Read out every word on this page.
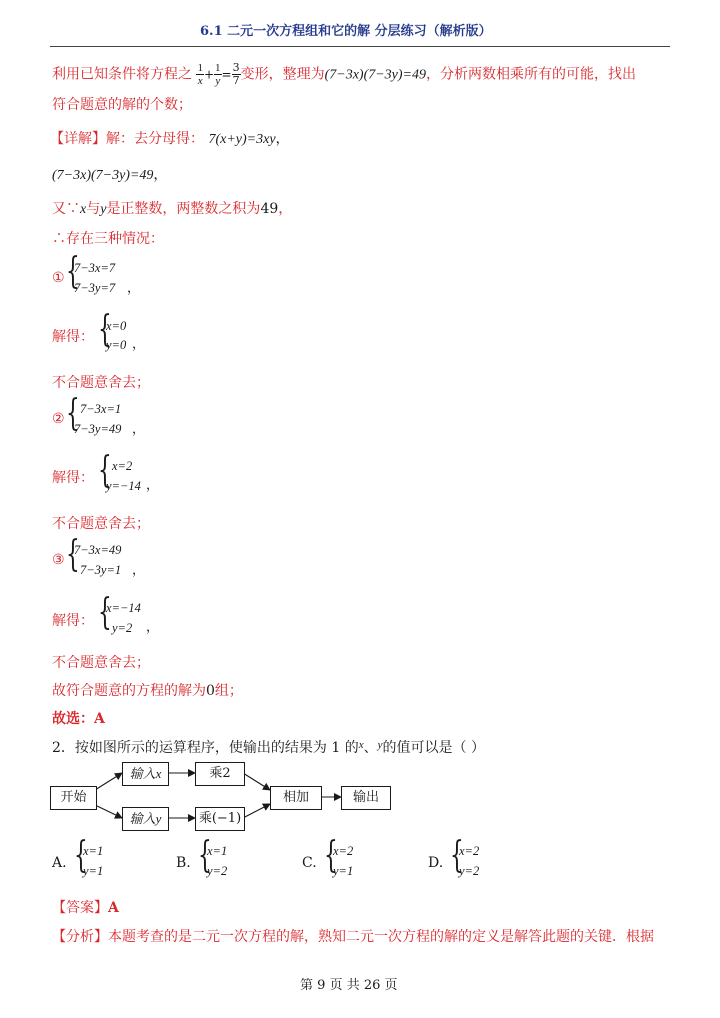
6.1 二元一次方程组和它的解 分层练习（解析版）
利用已知条件将方程之 $\frac{1}{x} + \frac{1}{y} = \frac{3}{7}$ 变形，整理为(7−3x)(7−3y)=49，分析两数相乘所有的可能，找出
符合题意的解的个数；
【详解】解：去分母得： 7(x+y)=3xy，
(7−3x)(7−3y)=49，
又∵x与y是正整数，两整数之积为49，
∴存在三种情况：
① {
7−3x=7
7−3y=7 ，
解得： {
x=0
y=0 ，
不合题意舍去；
② { 7−3x=1
7−3y=49 ，
解得： { x=2
y=−14 ，
不合题意舍去；
③ {
7−3x=49
7−3y=1 ，
解得： {
x=−14
y=2 ，
不合题意舍去；
故符合题意的方程的解为0组；
故选：A
2．按如图所示的运算程序，使输出的结果为 1 的$^x$、$^y$的值可以是（ ）
开始
输入x	乘2
输入y	乘(−1)
相加	输出
A. {
x=1
y=1	B. {
x=1
y=2	C. {
x=2
y=1	D. {
x=2
y=2
【答案】A
【分析】本题考查的是二元一次方程的解，熟知二元一次方程的解的定义是解答此题的关键．根据
第 9 页 共 26 页
